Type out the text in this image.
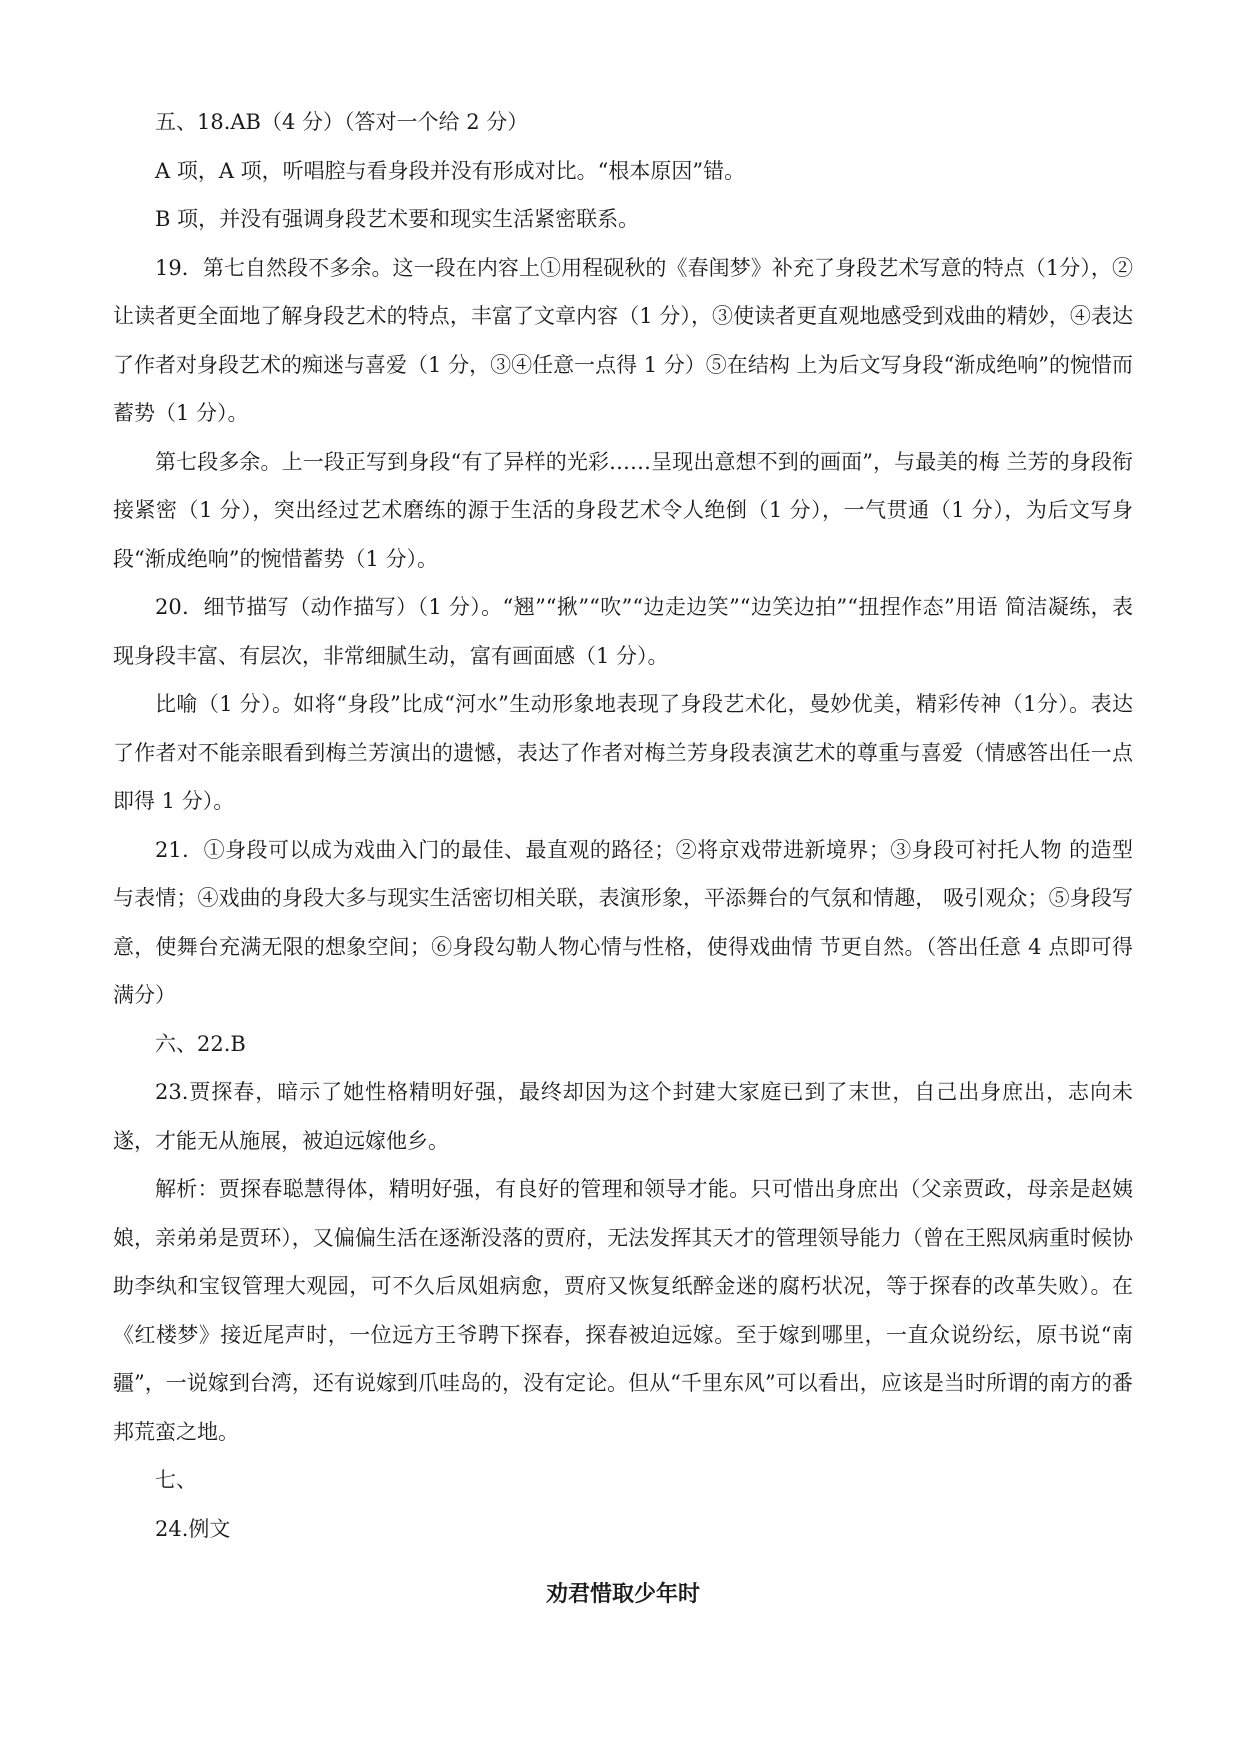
五、18.AB（4 分）（答对一个给 2 分）

A 项，A 项，听唱腔与看身段并没有形成对比。“根本原因”错。

B 项，并没有强调身段艺术要和现实生活紧密联系。

19．第七自然段不多余。这一段在内容上①用程砚秋的《春闺梦》补充了身段艺术写意的特点（1分），②让读者更全面地了解身段艺术的特点，丰富了文章内容（1 分），③使读者更直观地感受到戏曲的精妙，④表达了作者对身段艺术的痴迷与喜爱（1 分，③④任意一点得 1 分）⑤在结构 上为后文写身段“渐成绝响”的惋惜而蓄势（1 分）。

第七段多余。上一段正写到身段“有了异样的光彩……呈现出意想不到的画面”，与最美的梅 兰芳的身段衔接紧密（1 分），突出经过艺术磨练的源于生活的身段艺术令人绝倒（1 分），一气贯通（1 分），为后文写身段“渐成绝响”的惋惜蓄势（1 分）。

20．细节描写（动作描写）（1 分）。“翘”“揪”“吹”“边走边笑”“边笑边拍”“扭捏作态”用语 简洁凝练，表现身段丰富、有层次，非常细腻生动，富有画面感（1 分）。

比喻（1 分）。如将“身段”比成“河水”生动形象地表现了身段艺术化，曼妙优美，精彩传神（1分）。表达了作者对不能亲眼看到梅兰芳演出的遗憾，表达了作者对梅兰芳身段表演艺术的尊重与喜爱（情感答出任一点即得 1 分）。

21．①身段可以成为戏曲入门的最佳、最直观的路径；②将京戏带进新境界；③身段可衬托人物 的造型与表情；④戏曲的身段大多与现实生活密切相关联，表演形象，平添舞台的气氛和情趣， 吸引观众；⑤身段写意，使舞台充满无限的想象空间；⑥身段勾勒人物心情与性格，使得戏曲情 节更自然。（答出任意 4 点即可得满分）

六、22.B

23.贾探春，暗示了她性格精明好强，最终却因为这个封建大家庭已到了末世，自己出身庶出，志向未遂，才能无从施展，被迫远嫁他乡。

解析：贾探春聪慧得体，精明好强，有良好的管理和领导才能。只可惜出身庶出（父亲贾政，母亲是赵姨娘，亲弟弟是贾环），又偏偏生活在逐渐没落的贾府，无法发挥其天才的管理领导能力（曾在王熙凤病重时候协助李纨和宝钗管理大观园，可不久后凤姐病愈，贾府又恢复纸醉金迷的腐朽状况，等于探春的改革失败）。在《红楼梦》接近尾声时，一位远方王爷聘下探春，探春被迫远嫁。至于嫁到哪里，一直众说纷纭，原书说“南疆”，一说嫁到台湾，还有说嫁到爪哇岛的，没有定论。但从“千里东风”可以看出，应该是当时所谓的南方的番邦荒蛮之地。

七、

24.例文

劝君惜取少年时
